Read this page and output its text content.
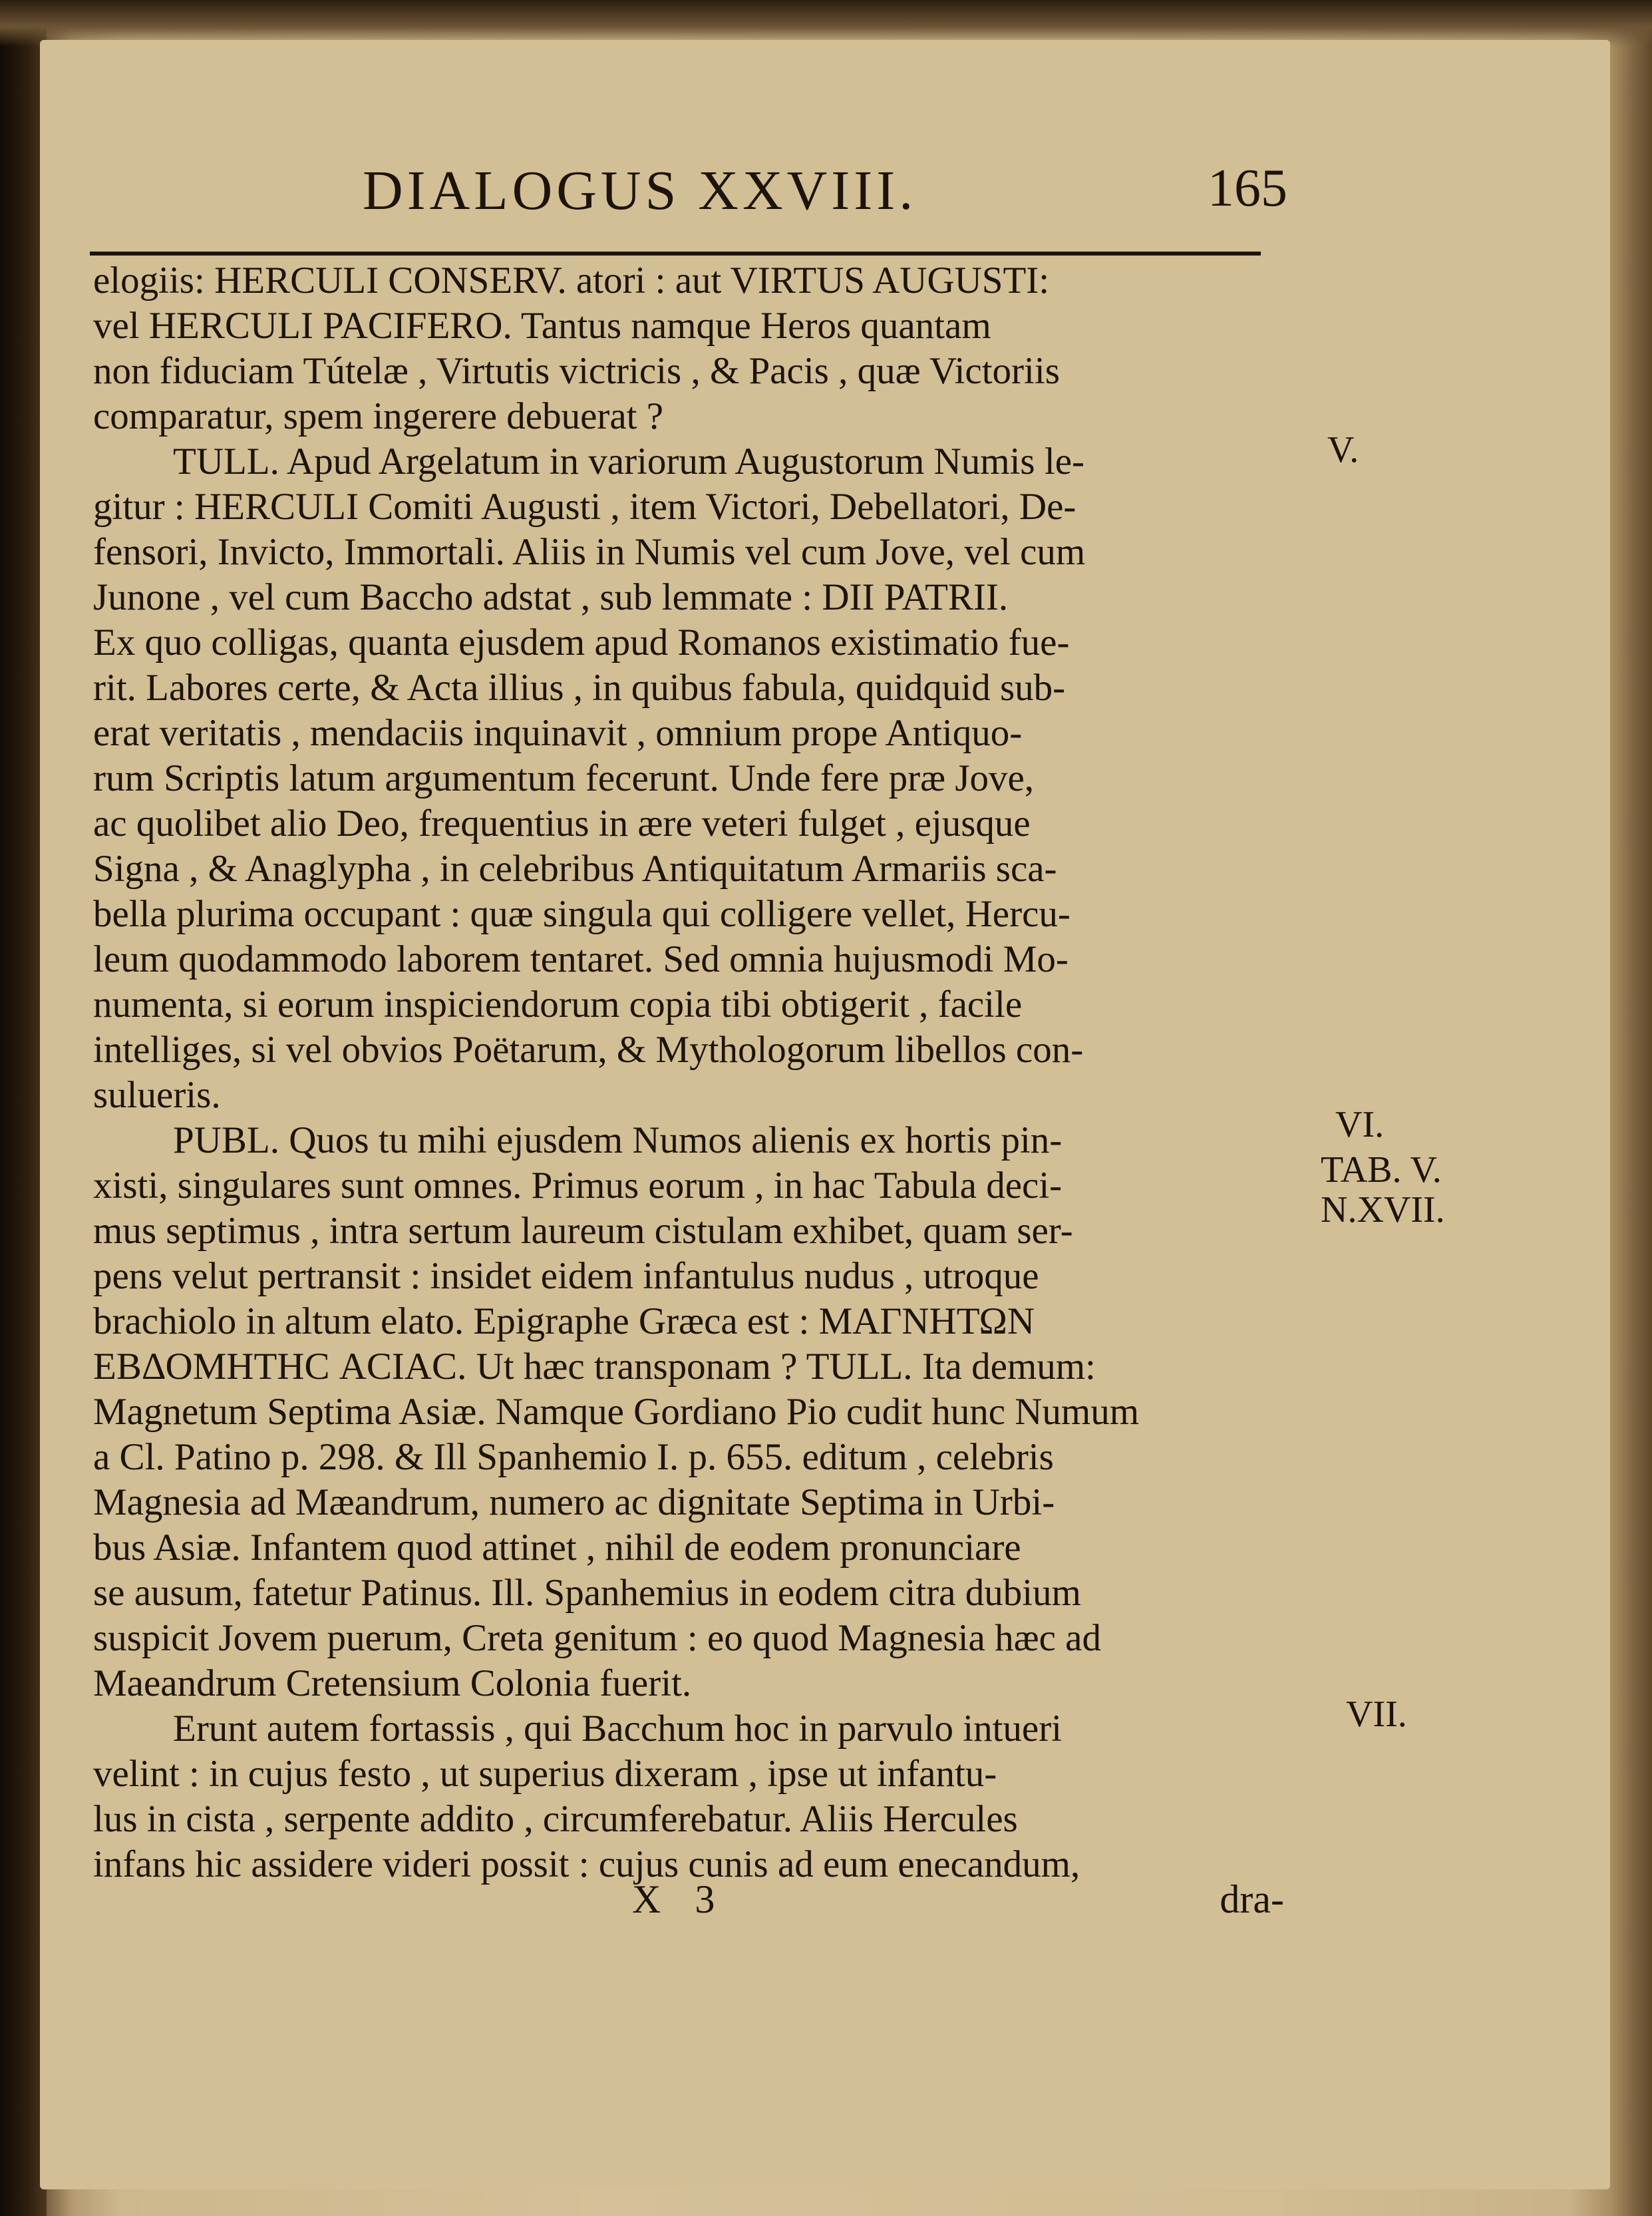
DIALOGUS XXVIII.	165
elogiis: HERCULI CONSERV. atori : aut VIRTUS AUGUSTI:
vel HERCULI PACIFERO. Tantus namque Heros quantam
non fiduciam Tútelæ , Virtutis victricis , & Pacis , quæ Victoriis
comparatur, spem ingerere debuerat ?
TULL. Apud Argelatum in variorum Augustorum Numis le-
gitur : HERCULI Comiti Augusti , item Victori, Debellatori, De-
fensori, Invicto, Immortali. Aliis in Numis vel cum Jove, vel cum
Junone , vel cum Baccho adstat , sub lemmate : DII PATRII.
Ex quo colligas, quanta ejusdem apud Romanos existimatio fue-
rit. Labores certe, & Acta illius , in quibus fabula, quidquid sub-
erat veritatis , mendaciis inquinavit , omnium prope Antiquo-
rum Scriptis latum argumentum fecerunt. Unde fere præ Jove,
ac quolibet alio Deo, frequentius in ære veteri fulget , ejusque
Signa , & Anaglypha , in celebribus Antiquitatum Armariis sca-
bella plurima occupant : quæ singula qui colligere vellet, Hercu-
leum quodammodo laborem tentaret. Sed omnia hujusmodi Mo-
numenta, si eorum inspiciendorum copia tibi obtigerit , facile
intelliges, si vel obvios Poëtarum, & Mythologorum libellos con-
sulueris.
PUBL. Quos tu mihi ejusdem Numos alienis ex hortis pin-
xisti, singulares sunt omnes. Primus eorum , in hac Tabula deci-
mus septimus , intra sertum laureum cistulam exhibet, quam ser-
pens velut pertransit : insidet eidem infantulus nudus , utroque
brachiolo in altum elato. Epigraphe Græca est : ΜΑΓΝΗΤΩΝ
ΕΒΔΟΜΗΤΗС ΑСΙΑС. Ut hæc transponam ? TULL. Ita demum:
Magnetum Septima Asiæ. Namque Gordiano Pio cudit hunc Numum
a Cl. Patino p. 298. & Ill Spanhemio I. p. 655. editum , celebris
Magnesia ad Mæandrum, numero ac dignitate Septima in Urbi-
bus Asiæ. Infantem quod attinet , nihil de eodem pronunciare
se ausum, fatetur Patinus. Ill. Spanhemius in eodem citra dubium
suspicit Jovem puerum, Creta genitum : eo quod Magnesia hæc ad
Maeandrum Cretensium Colonia fuerit.
Erunt autem fortassis , qui Bacchum hoc in parvulo intueri
velint : in cujus festo , ut superius dixeram , ipse ut infantu-
lus in cista , serpente addito , circumferebatur. Aliis Hercules
infans hic assidere videri possit : cujus cunis ad eum enecandum,
V.
VI.
TAB. V.
N.XVII.
VII.
X 3	dra-
